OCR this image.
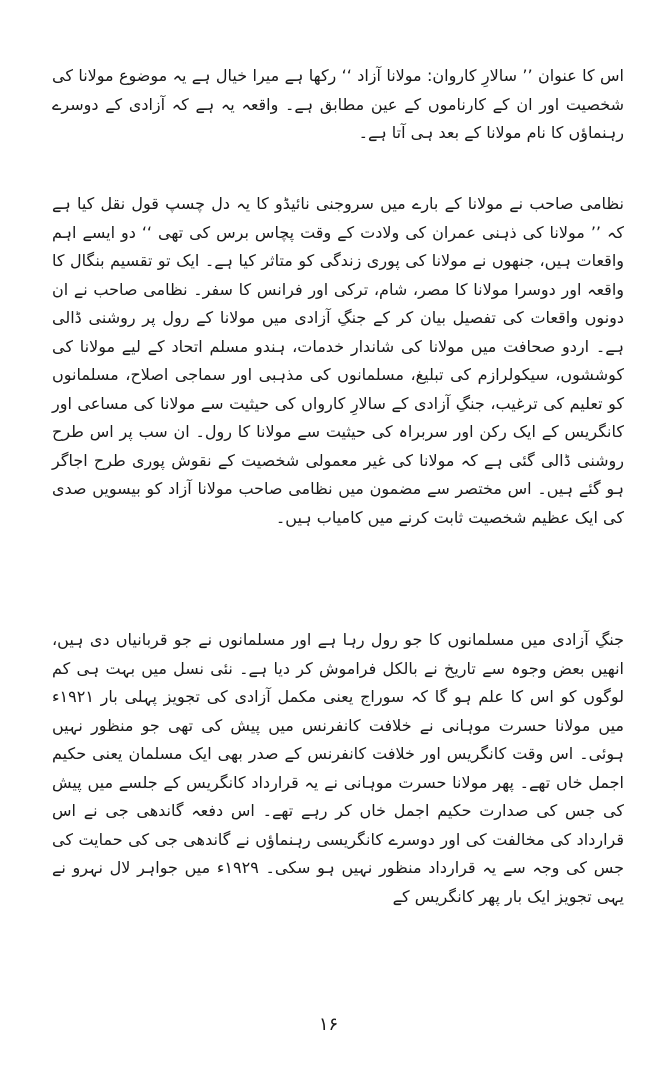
اس کا عنوان ’’ سالارِ کاروان: مولانا آزاد ‘‘ رکھا ہے میرا خیال ہے یہ موضوع مولانا کی شخصیت اور ان کے کارناموں کے عین مطابق ہے۔ واقعہ یہ ہے کہ آزادی کے دوسرے رہنماؤں کا نام مولانا کے بعد ہی آتا ہے۔

نظامی صاحب نے مولانا کے بارے میں سروجنی نائیڈو کا یہ دل چسپ قول نقل کیا ہے کہ ’’ مولانا کی ذہنی عمران کی ولادت کے وقت پچاس برس کی تھی ‘‘ دو ایسے اہم واقعات ہیں، جنھوں نے مولانا کی پوری زندگی کو متاثر کیا ہے۔ ایک تو تقسیم بنگال کا واقعہ اور دوسرا مولانا کا مصر، شام، ترکی اور فرانس کا سفر۔ نظامی صاحب نے ان دونوں واقعات کی تفصیل بیان کر کے جنگِ آزادی میں مولانا کے رول پر روشنی ڈالی ہے۔ اردو صحافت میں مولانا کی شاندار خدمات، ہندو مسلم اتحاد کے لیے مولانا کی کوششوں، سیکولرازم کی تبلیغ، مسلمانوں کی مذہبی اور سماجی اصلاح، مسلمانوں کو تعلیم کی ترغیب، جنگِ آزادی کے سالارِ کارواں کی حیثیت سے مولانا کی مساعی اور کانگریس کے ایک رکن اور سربراہ کی حیثیت سے مولانا کا رول۔ ان سب پر اس طرح روشنی ڈالی گئی ہے کہ مولانا کی غیر معمولی شخصیت کے نقوش پوری طرح اجاگر ہو گئے ہیں۔ اس مختصر سے مضمون میں نظامی صاحب مولانا آزاد کو بیسویں صدی کی ایک عظیم شخصیت ثابت کرنے میں کامیاب ہیں۔

جنگِ آزادی میں مسلمانوں کا جو رول رہا ہے اور مسلمانوں نے جو قربانیاں دی ہیں، انھیں بعض وجوہ سے تاریخ نے بالکل فراموش کر دیا ہے۔ نئی نسل میں بہت ہی کم لوگوں کو اس کا علم ہو گا کہ سوراج یعنی مکمل آزادی کی تجویز پہلی بار ۱۹۲۱ء میں مولانا حسرت موہانی نے خلافت کانفرنس میں پیش کی تھی جو منظور نہیں ہوئی۔ اس وقت کانگریس اور خلافت کانفرنس کے صدر بھی ایک مسلمان یعنی حکیم اجمل خاں تھے۔ پھر مولانا حسرت موہانی نے یہ قرارداد کانگریس کے جلسے میں پیش کی جس کی صدارت حکیم اجمل خاں کر رہے تھے۔ اس دفعہ گاندھی جی نے اس قرارداد کی مخالفت کی اور دوسرے کانگریسی رہنماؤں نے گاندھی جی کی حمایت کی جس کی وجہ سے یہ قرارداد منظور نہیں ہو سکی۔ ۱۹۲۹ء میں جواہر لال نہرو نے یہی تجویز ایک بار پھر کانگریس کے

۱۶
